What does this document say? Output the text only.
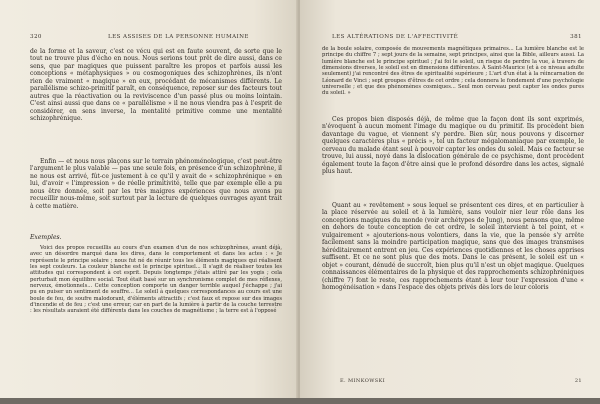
320	LES ASSISES DE LA PERSONNE HUMAINE

de la forme et la saveur, c'est ce vécu qui est en faute souvent, de sorte que le tout ne trouve plus d'écho en nous. Nous serions tout prêt de dire aussi, dans ce sens, que par magiques que puissent paraître les propos et parfois aussi les conceptions « métaphysiques » ou cosmogoniques des schizophrènes, ils n'ont rien de vraiment « magique » en eux, procédant de mécanismes différents. Le parallélisme schizo-primitif paraît, en conséquence, reposer sur des facteurs tout autres que la réactivation ou la reviviscence d'un passé plus ou moins lointain. C'est ainsi aussi que dans ce « parallélisme » il ne nous viendra pas à l'esprit de considérer, en sens inverse, la mentalité primitive comme une mentalité schizophrénique.

Enfin — et nous nous plaçons sur le terrain phénoménologique, c'est peut-être l'argument le plus valable — pas une seule fois, en présence d'un schizophrène, il ne nous est arrivé, fût-ce justement à ce qu'il y avait de « schizophrénique » en lui, d'avoir « l'impression » de réelle primitivité, telle que par exemple elle a pu nous être donnée, soit par les très maigres expériences que nous avons pu recueillir nous-même, soit surtout par la lecture de quelques ouvrages ayant trait à cette matière.

Exemples.

Voici des propos recueillis au cours d'un examen d'un de nos schizophrènes, avant déjà, avec un désordre marqué dans les dires, dans le comportement et dans les actes : « Je représente le principe solaire ; nous fut né de réunir tous les éléments magiques qui réalisent les sept couleurs. La couleur blanche est le principe spirituel... Il s'agit de réaliser toutes les attitudes qui correspondent à cet esprit. Depuis longtemps j'étais attiré par les yogis ; cela perturbait mon équilibre social. Tout était basé sur un synchronisme complet de mes réflexes, nerveux, émotionnels... Cette conception comporte un danger terrible auquel j'échappe ; j'ai pu en puiser un sentiment de souffre... Le soleil à quelques correspondances au cours est une boule de feu, de soufre malodorant, d'éléments attractifs ; c'est faux et repose sur des images d'incendie et de feu ; c'est une erreur, car en part de la lumière à partir de la couche terrestre : les résultats auraient été différents dans les couches de magnétisme ; la terre est à l'opposé

LES ALTÉRATIONS DE L'AFFECTIVITÉ	381

de la boule solaire, composée de mouvements magnétiques primaires... La lumière blanche est le principe du chiffre 7 ; sept jours de la semaine, sept principes, ainsi que la Bible, ailleurs aussi. La lumière blanche est le principe spirituel ; j'ai foi le soleil, un risque de perdre la vue, à travers de dimensions diverses, le soleil est en dimensions différentes. À Saint-Maurice (et à ce niveau adulte seulement) j'ai rencontré des êtres de spiritualité supérieure ; L'art d'un état à la réincarnation de Léonard de Vinci ; sept groupes d'êtres de cet ordre ; cela donnera le fondement d'une psychologie universelle ; et que des phénomènes cosmiques... Seul mon cerveau peut capter les ondes pures du soleil. »

Ces propos bien disposés déjà, de même que la façon dont ils sont exprimés, n'évoquent à aucun moment l'image du magique ou du primitif. Ils procèdent bien davantage du vague, et viennent s'y perdre. Bien sûr, nous pouvons y discerner quelques caractères plus « précis », tel un facteur mégalomaniaque par exemple, le cerveau du malade étant seul à pouvoir capter les ondes du soleil. Mais ce facteur se trouve, lui aussi, noyé dans la dislocation générale de ce psychisme, dont procèdent également toute la façon d'être ainsi que le profond désordre dans les actes, signalé plus haut.

Quant au « revêtement » sous lequel se présentent ces dires, et en particulier à la place réservée au soleil et à la lumière, sans vouloir nier leur rôle dans les conceptions magiques du monde (voir archétypes de Jung), nous pensons que, même en dehors de toute conception de cet ordre, le soleil intervient à tel point, et « vulgairement » ajouterions-nous volontiers, dans la vie, que la pensée s'y arrête facilement sans la moindre participation magique, sans que des images transmises héréditairement entrent en jeu. Ces expériences quotidiennes et les choses apprises suffisent. Et ce ne sont plus que des mots. Dans le cas présent, le soleil est un « objet » courant, dénudé de succroît, bien plus qu'il n'est un objet magique. Quelques connaissances élémentaires de la physique et des rapprochements schizophréniques (chiffre 7) font le reste, ces rapprochements étant à leur tour l'expression d'une « homogénéisation » dans l'espace des objets privés dès lors de leur coloris

E. MINKOWSKI	21
